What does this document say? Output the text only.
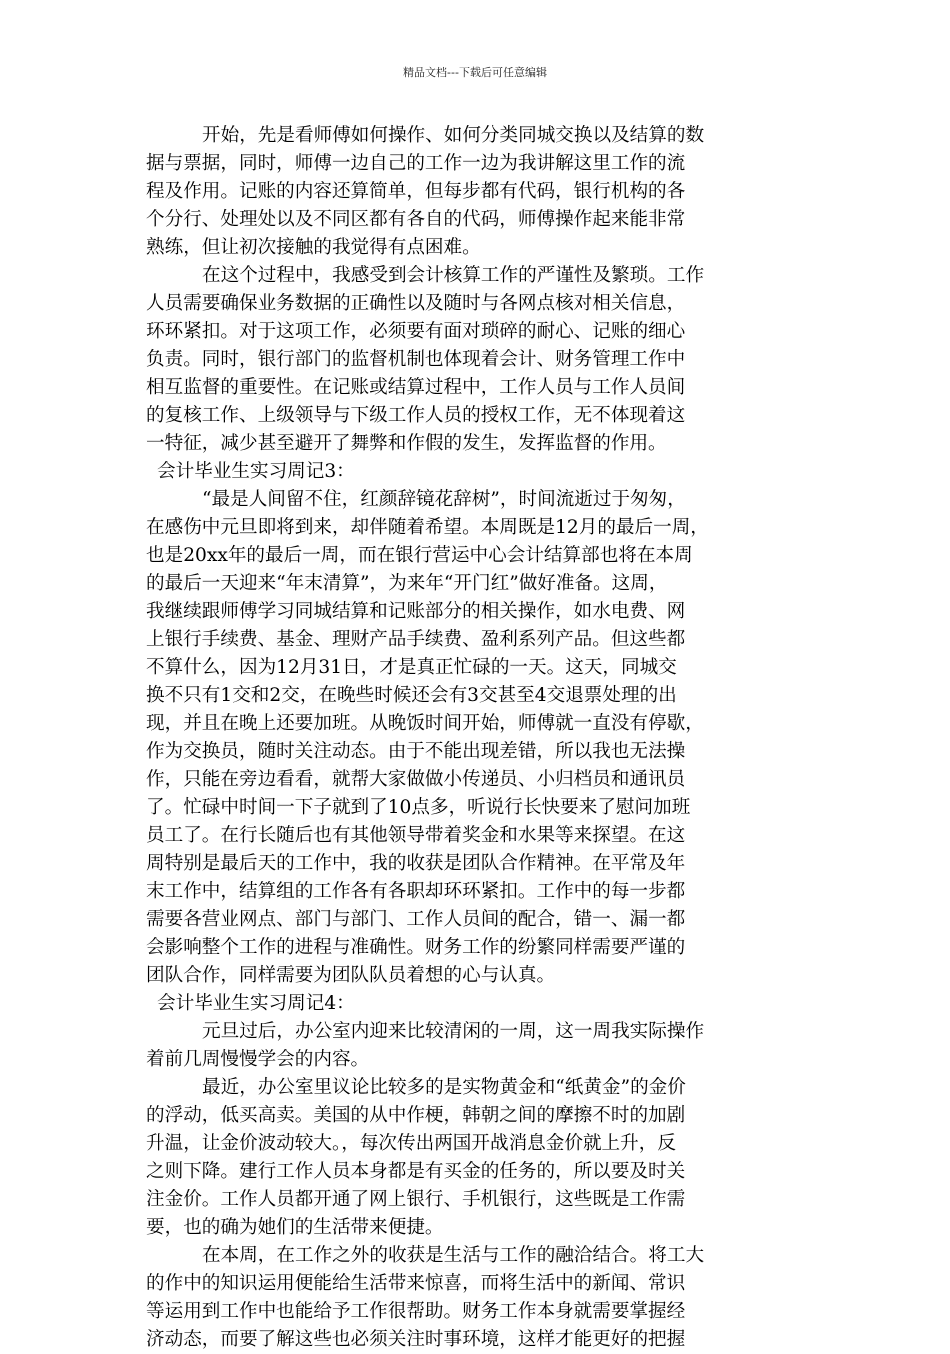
精品文档---下载后可任意编辑
开始，先是看师傅如何操作、如何分类同城交换以及结算的数
据与票据，同时，师傅一边自己的工作一边为我讲解这里工作的流
程及作用。记账的内容还算简单，但每步都有代码，银行机构的各
个分行、处理处以及不同区都有各自的代码，师傅操作起来能非常
熟练，但让初次接触的我觉得有点困难。
在这个过程中，我感受到会计核算工作的严谨性及繁琐。工作
人员需要确保业务数据的正确性以及随时与各网点核对相关信息，
环环紧扣。对于这项工作，必须要有面对琐碎的耐心、记账的细心
负责。同时，银行部门的监督机制也体现着会计、财务管理工作中
相互监督的重要性。在记账或结算过程中，工作人员与工作人员间
的复核工作、上级领导与下级工作人员的授权工作，无不体现着这
一特征，减少甚至避开了舞弊和作假的发生，发挥监督的作用。
会计毕业生实习周记3：
“最是人间留不住，红颜辞镜花辞树”，时间流逝过于匆匆，
在感伤中元旦即将到来，却伴随着希望。本周既是12月的最后一周，
也是20xx年的最后一周，而在银行营运中心会计结算部也将在本周
的最后一天迎来“年末清算”，为来年“开门红”做好准备。这周，
我继续跟师傅学习同城结算和记账部分的相关操作，如水电费、网
上银行手续费、基金、理财产品手续费、盈利系列产品。但这些都
不算什么，因为12月31日，才是真正忙碌的一天。这天，同城交
换不只有1交和2交，在晚些时候还会有3交甚至4交退票处理的出
现，并且在晚上还要加班。从晚饭时间开始，师傅就一直没有停歇，
作为交换员，随时关注动态。由于不能出现差错，所以我也无法操
作，只能在旁边看看，就帮大家做做小传递员、小归档员和通讯员
了。忙碌中时间一下子就到了10点多，听说行长快要来了慰问加班
员工了。在行长随后也有其他领导带着奖金和水果等来探望。在这
周特别是最后天的工作中，我的收获是团队合作精神。在平常及年
末工作中，结算组的工作各有各职却环环紧扣。工作中的每一步都
需要各营业网点、部门与部门、工作人员间的配合，错一、漏一都
会影响整个工作的进程与准确性。财务工作的纷繁同样需要严谨的
团队合作，同样需要为团队队员着想的心与认真。
会计毕业生实习周记4：
元旦过后，办公室内迎来比较清闲的一周，这一周我实际操作
着前几周慢慢学会的内容。
最近，办公室里议论比较多的是实物黄金和“纸黄金”的金价
的浮动，低买高卖。美国的从中作梗，韩朝之间的摩擦不时的加剧
升温，让金价波动较大。，每次传出两国开战消息金价就上升，反
之则下降。建行工作人员本身都是有买金的任务的，所以要及时关
注金价。工作人员都开通了网上银行、手机银行，这些既是工作需
要，也的确为她们的生活带来便捷。
在本周，在工作之外的收获是生活与工作的融洽结合。将工大
的作中的知识运用便能给生活带来惊喜，而将生活中的新闻、常识
等运用到工作中也能给予工作很帮助。财务工作本身就需要掌握经
济动态，而要了解这些也必须关注时事环境，这样才能更好的把握
